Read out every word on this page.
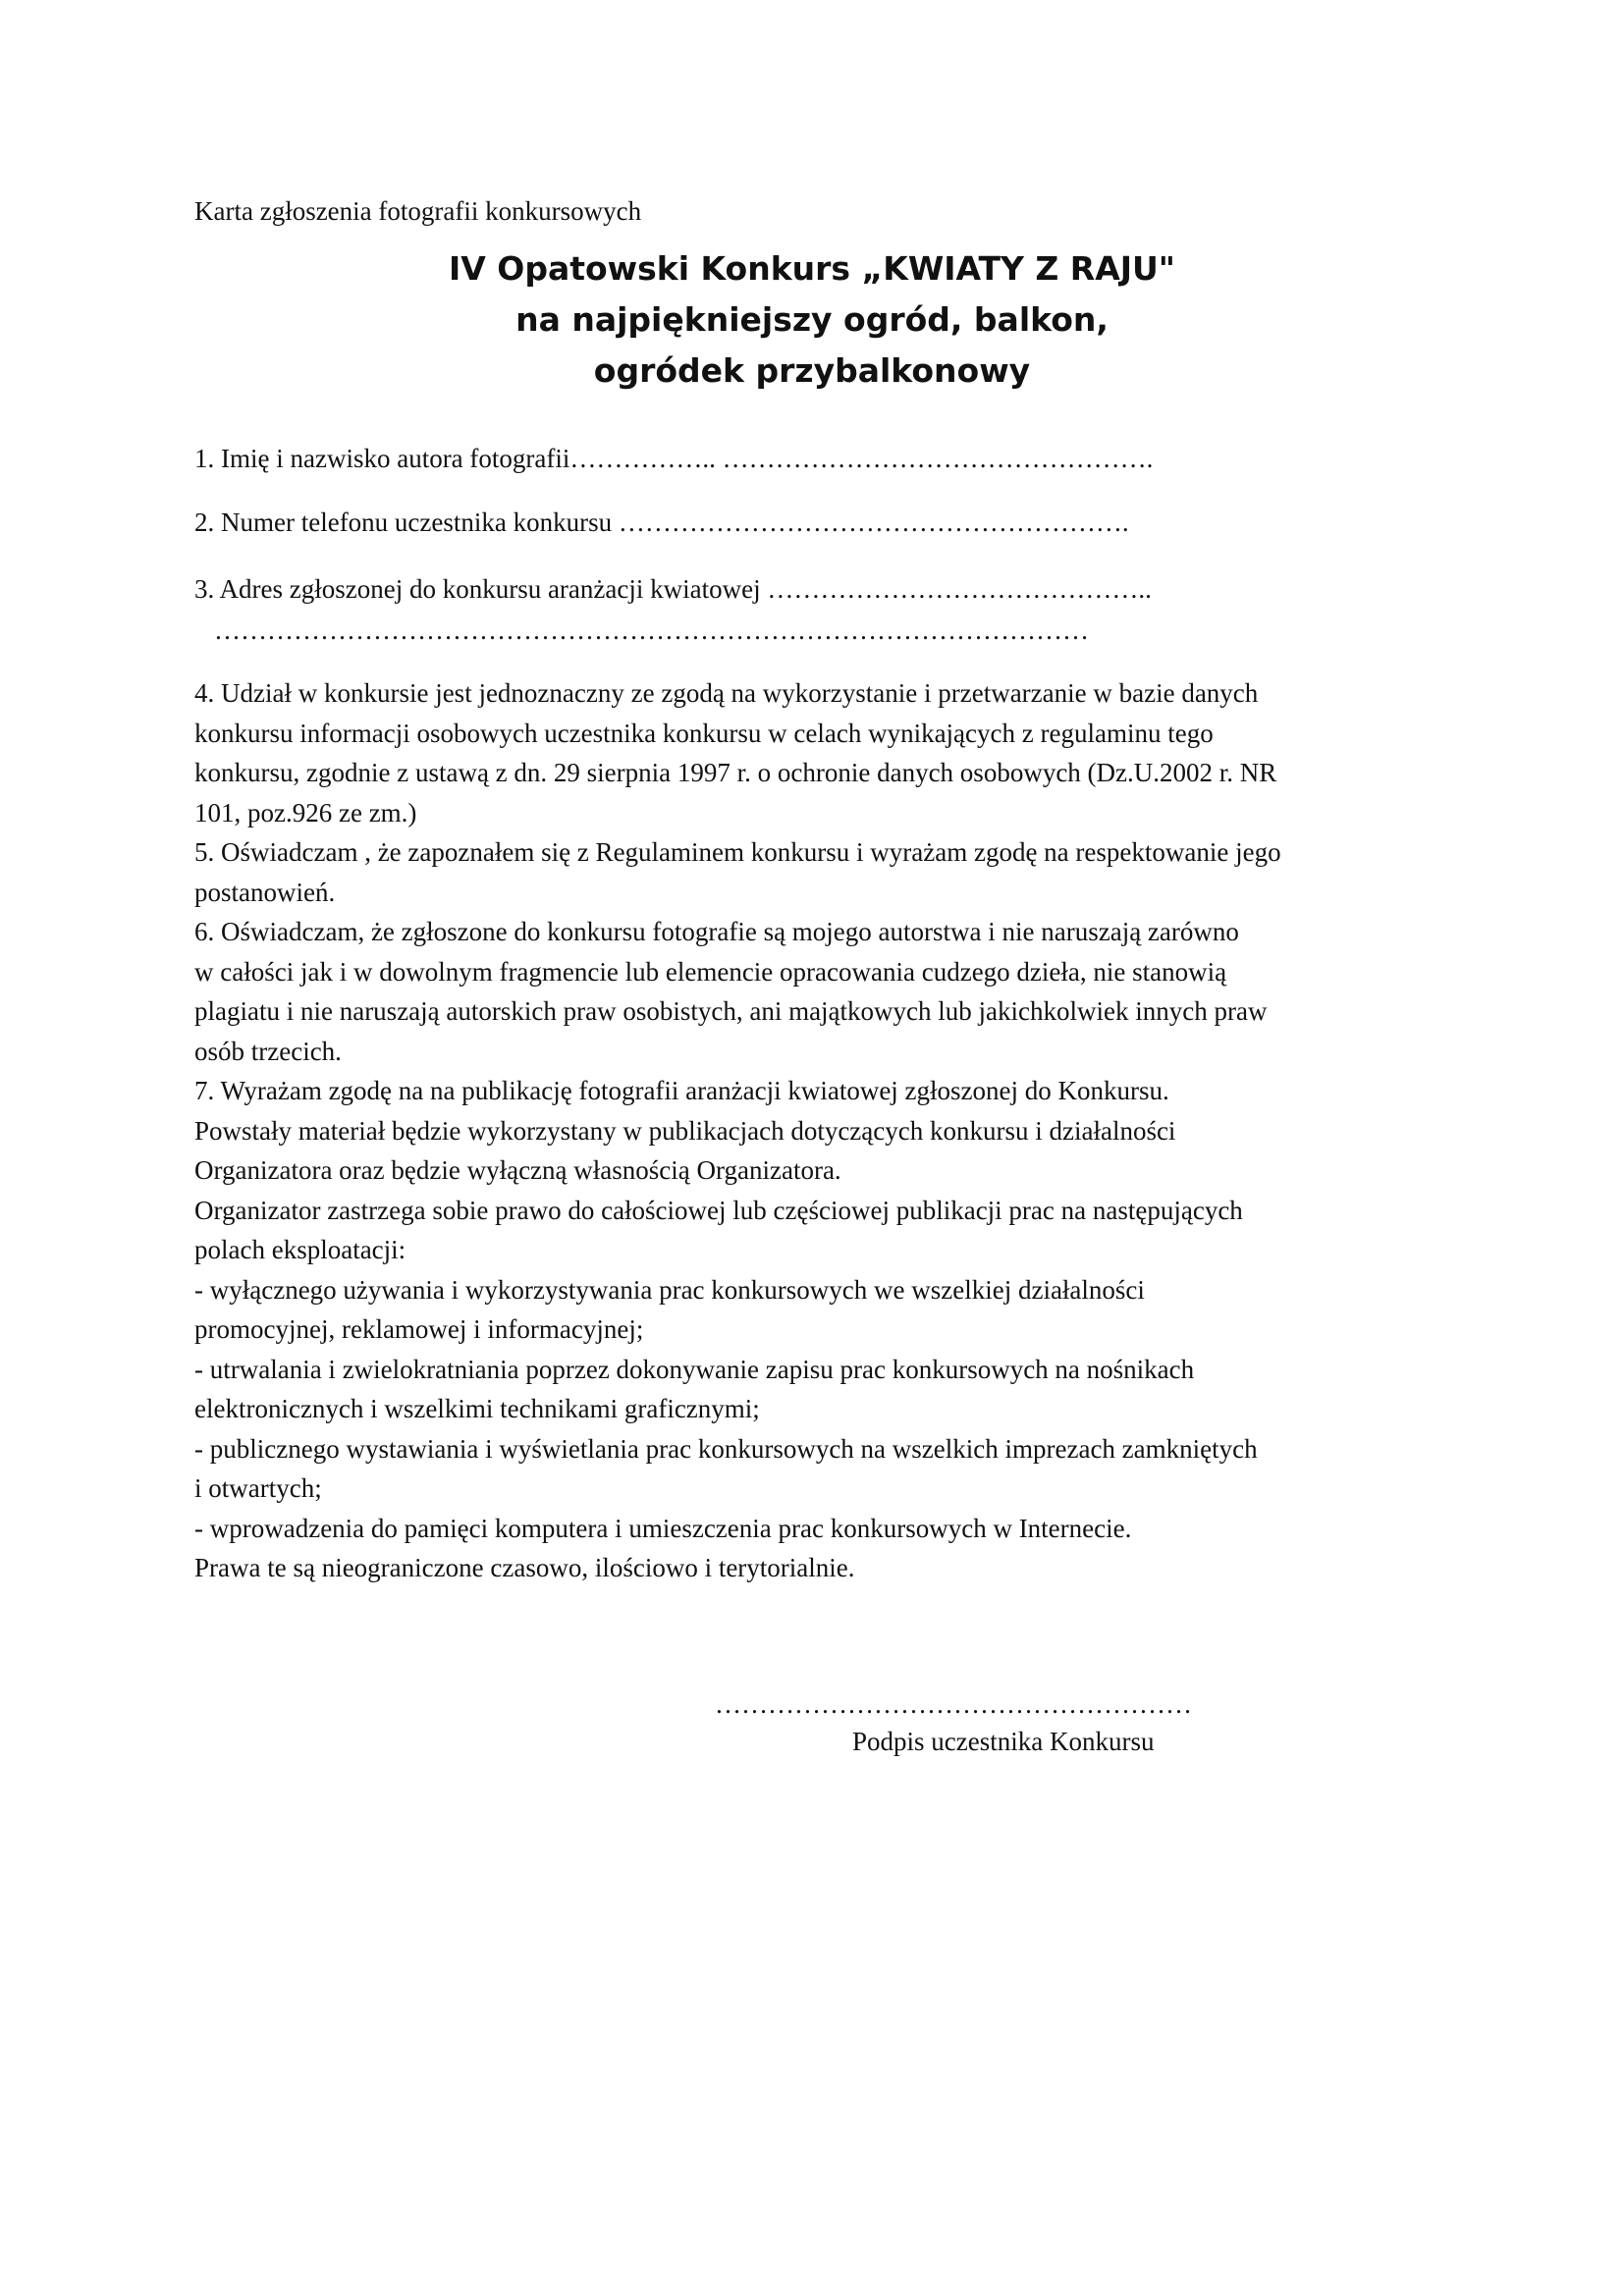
Karta zgłoszenia fotografii konkursowych
IV Opatowski Konkurs „KWIATY Z RAJU"
na najpiękniejszy ogród, balkon,
ogródek przybalkonowy
1. Imię i nazwisko autora fotografii…………….. ………………………………………….
2. Numer telefonu uczestnika konkursu ………………………………………………….
3. Adres zgłoszonej do konkursu aranżacji kwiatowej ……………………………………..
………………………………………………………………………………………

4. Udział w konkursie jest jednoznaczny ze zgodą na wykorzystanie i przetwarzanie w bazie danych

konkursu informacji osobowych uczestnika konkursu w celach wynikających z regulaminu tego

konkursu, zgodnie z ustawą z dn. 29 sierpnia 1997 r. o ochronie danych osobowych (Dz.U.2002 r. NR

101, poz.926 ze zm.)

5. Oświadczam , że zapoznałem się z Regulaminem konkursu i wyrażam zgodę na respektowanie jego

postanowień.

6. Oświadczam, że zgłoszone do konkursu fotografie są mojego autorstwa i nie naruszają zarówno

w całości jak i w dowolnym fragmencie lub elemencie opracowania cudzego dzieła, nie stanowią

plagiatu i nie naruszają autorskich praw osobistych, ani majątkowych lub jakichkolwiek innych praw

osób trzecich.

7. Wyrażam zgodę na na publikację fotografii aranżacji kwiatowej zgłoszonej do Konkursu.

Powstały materiał będzie wykorzystany w publikacjach dotyczących konkursu i działalności

Organizatora oraz będzie wyłączną własnością Organizatora.

Organizator zastrzega sobie prawo do całościowej lub częściowej publikacji prac na następujących

polach eksploatacji:

- wyłącznego używania i wykorzystywania prac konkursowych we wszelkiej działalności

promocyjnej, reklamowej i informacyjnej;

- utrwalania i zwielokratniania poprzez dokonywanie zapisu prac konkursowych na nośnikach

elektronicznych i wszelkimi technikami graficznymi;

- publicznego wystawiania i wyświetlania prac konkursowych na wszelkich imprezach zamkniętych

i otwartych;

- wprowadzenia do pamięci komputera i umieszczenia prac konkursowych w Internecie.

Prawa te są nieograniczone czasowo, ilościowo i terytorialnie.

………………………………………………
Podpis uczestnika Konkursu
